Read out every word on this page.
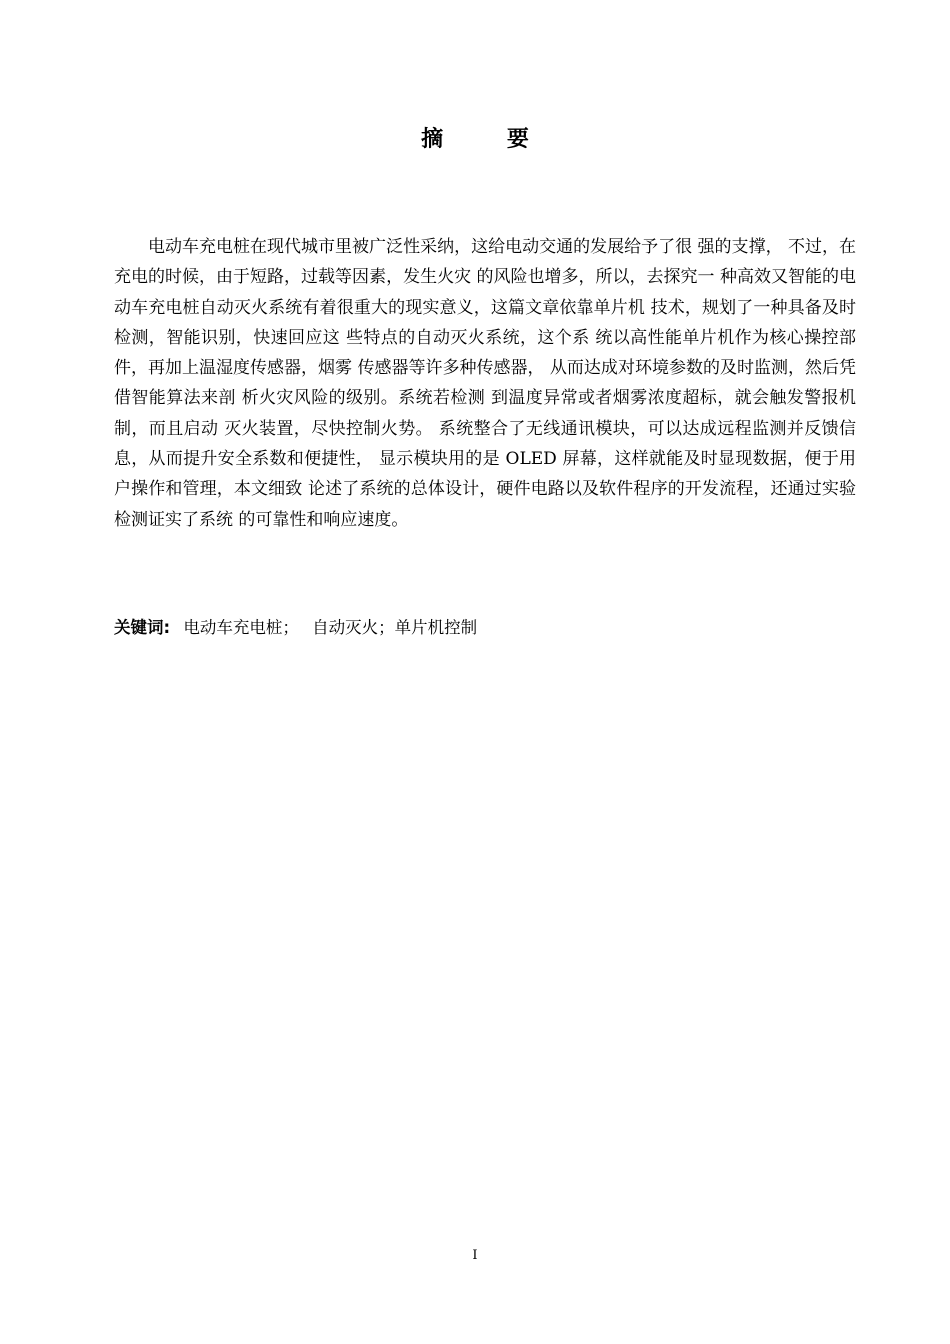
摘 要

电动车充电桩在现代城市里被广泛性采纳，这给电动交通的发展给予了很 强的支撑， 不过，在充电的时候，由于短路，过载等因素，发生火灾 的风险也增多，所以，去探究一 种高效又智能的电动车充电桩自动灭火系统有着很重大的现实意义，这篇文章依靠单片机 技术，规划了一种具备及时检测，智能识别，快速回应这 些特点的自动灭火系统，这个系 统以高性能单片机作为核心操控部件，再加上温湿度传感器，烟雾 传感器等许多种传感器， 从而达成对环境参数的及时监测，然后凭借智能算法来剖 析火灾风险的级别。系统若检测 到温度异常或者烟雾浓度超标，就会触发警报机制，而且启动 灭火装置，尽快控制火势。 系统整合了无线通讯模块，可以达成远程监测并反馈信息，从而提升安全系数和便捷性， 显示模块用的是 OLED 屏幕，这样就能及时显现数据，便于用户操作和管理，本文细致 论述了系统的总体设计，硬件电路以及软件程序的开发流程，还通过实验检测证实了系统 的可靠性和响应速度。

关键词: 电动车充电桩； 自动灭火；单片机控制
I
